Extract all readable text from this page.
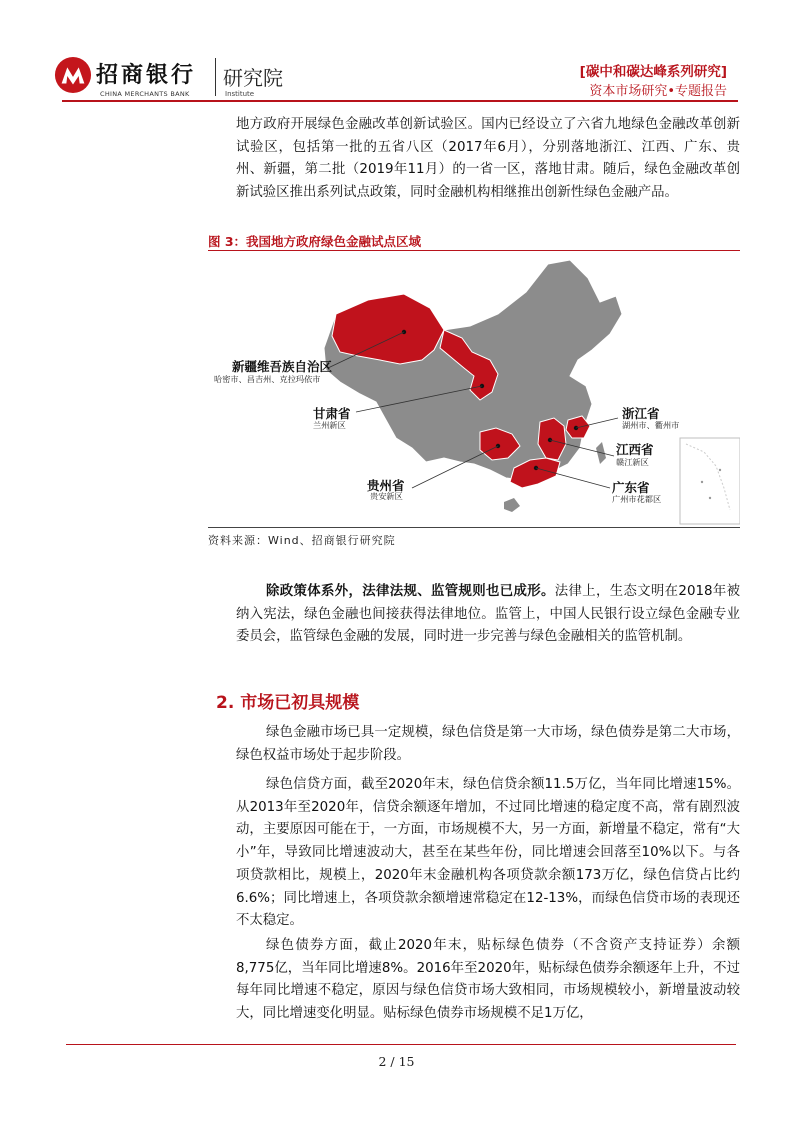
招商银行
CHINA MERCHANTS BANK
研究院
Institute
[碳中和碳达峰系列研究]
资本市场研究•专题报告
地方政府开展绿色金融改革创新试验区。国内已经设立了六省九地绿色金融改革创新试验区，包括第一批的五省八区（2017年6月），分别落地浙江、江西、广东、贵州、新疆，第二批（2019年11月）的一省一区，落地甘肃。随后，绿色金融改革创新试验区推出系列试点政策，同时金融机构相继推出创新性绿色金融产品。
图 3：我国地方政府绿色金融试点区域
新疆维吾族自治区
哈密市、昌吉州、克拉玛依市
甘肃省
兰州新区
贵州省
贵安新区
浙江省
湖州市、衢州市
江西省
赣江新区
广东省
广州市花都区
资料来源：Wind、招商银行研究院
除政策体系外，法律法规、监管规则也已成形。法律上，生态文明在2018年被纳入宪法，绿色金融也间接获得法律地位。监管上，中国人民银行设立绿色金融专业委员会，监管绿色金融的发展，同时进一步完善与绿色金融相关的监管机制。
2. 市场已初具规模
绿色金融市场已具一定规模，绿色信贷是第一大市场，绿色债券是第二大市场，绿色权益市场处于起步阶段。
绿色信贷方面，截至2020年末，绿色信贷余额11.5万亿，当年同比增速15%。从2013年至2020年，信贷余额逐年增加，不过同比增速的稳定度不高，常有剧烈波动，主要原因可能在于，一方面，市场规模不大，另一方面，新增量不稳定，常有“大小”年，导致同比增速波动大，甚至在某些年份，同比增速会回落至10%以下。与各项贷款相比，规模上，2020年末金融机构各项贷款余额173万亿，绿色信贷占比约6.6%；同比增速上，各项贷款余额增速常稳定在12-13%，而绿色信贷市场的表现还不太稳定。
绿色债券方面，截止2020年末，贴标绿色债券（不含资产支持证券）余额8,775亿，当年同比增速8%。2016年至2020年，贴标绿色债券余额逐年上升，不过每年同比增速不稳定，原因与绿色信贷市场大致相同，市场规模较小，新增量波动较大，同比增速变化明显。贴标绿色债券市场规模不足1万亿，
2 / 15
